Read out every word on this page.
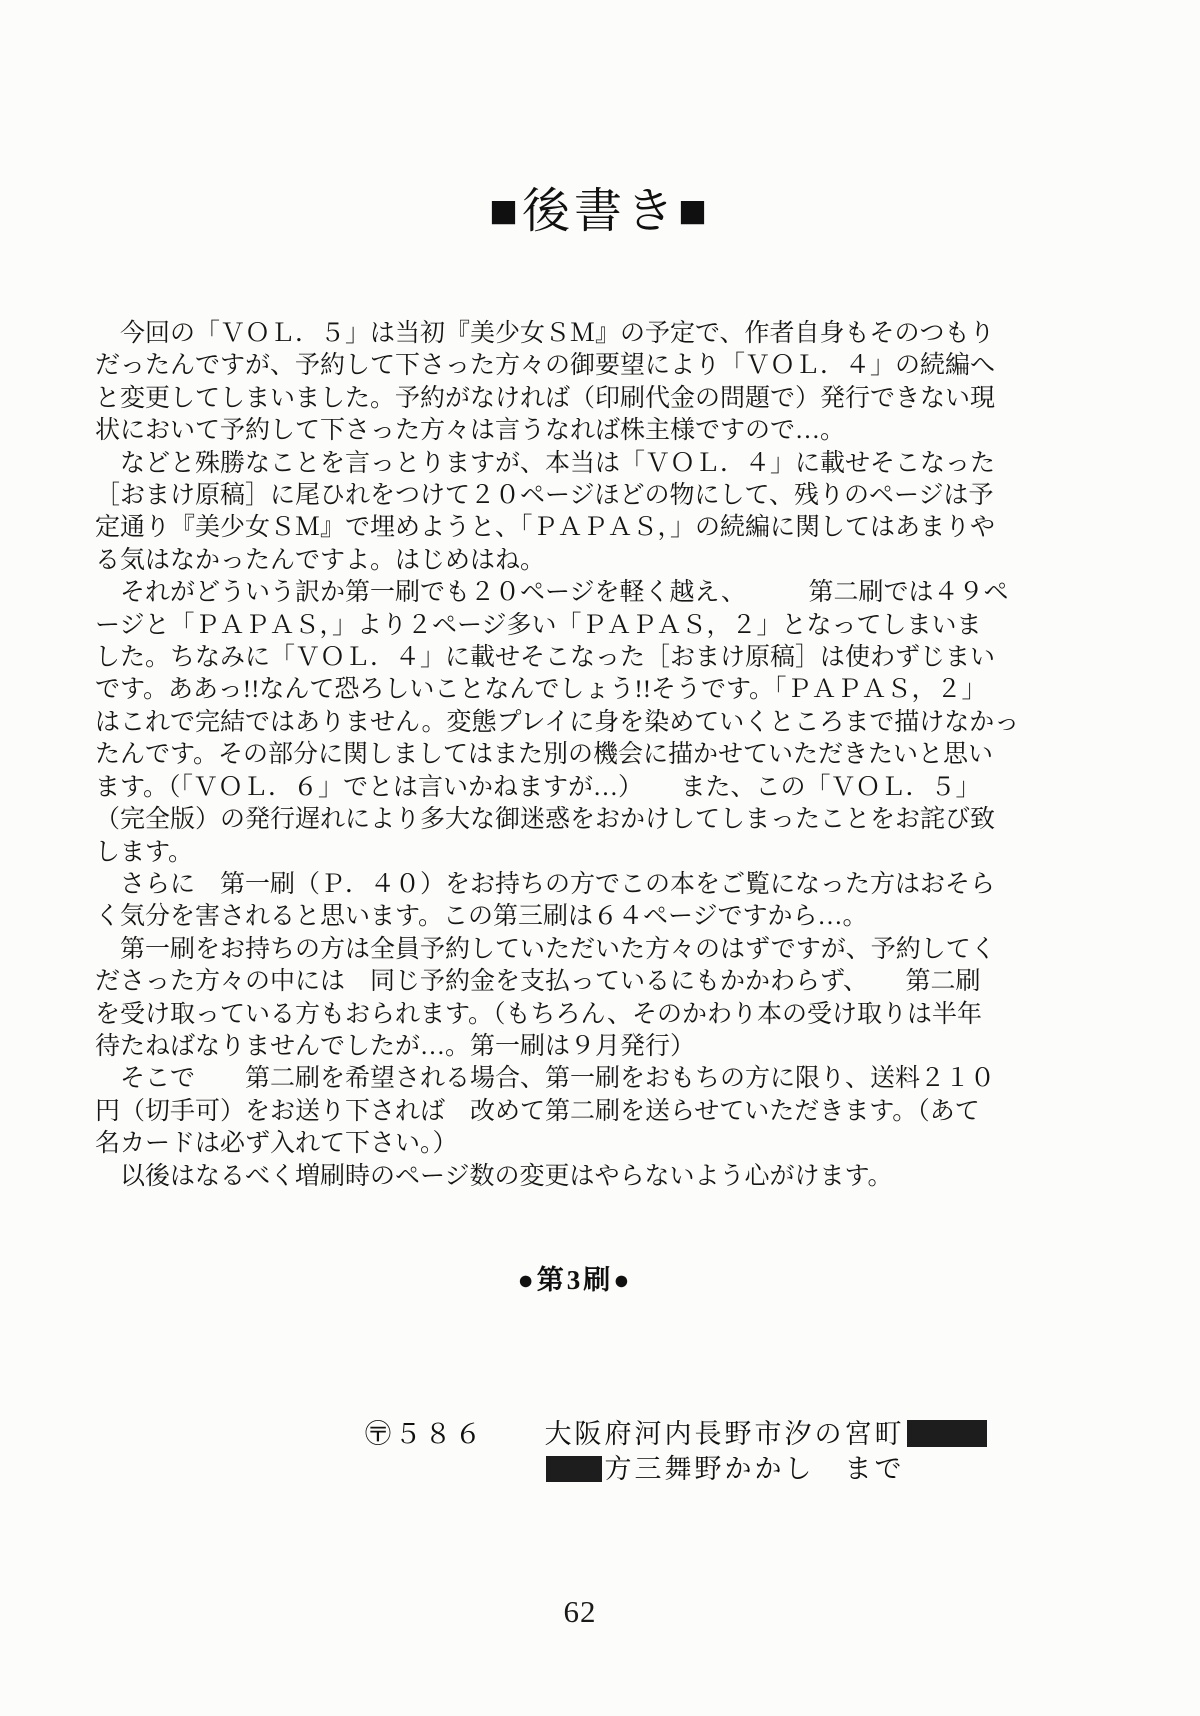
■後書き■
　今回の「ＶＯＬ．５」は当初『美少女ＳＭ』の予定で、作者自身もそのつもり
だったんですが、予約して下さった方々の御要望により「ＶＯＬ．４」の続編へ
と変更してしまいました。予約がなければ（印刷代金の問題で）発行できない現
状において予約して下さった方々は言うなれば株主様ですので…。
　などと殊勝なことを言っとりますが、本当は「ＶＯＬ．４」に載せそこなった
［おまけ原稿］に尾ひれをつけて２０ページほどの物にして、残りのページは予
定通り『美少女ＳＭ』で埋めようと、「ＰＡＰＡＳ，」の続編に関してはあまりや
る気はなかったんですよ。はじめはね。
　それがどういう訳か第一刷でも２０ページを軽く越え、　　　第二刷では４９ペ
ージと「ＰＡＰＡＳ，」より２ページ多い「ＰＡＰＡＳ，２」となってしまいま
した。ちなみに「ＶＯＬ．４」に載せそこなった［おまけ原稿］は使わずじまい
です。ああっ!!なんて恐ろしいことなんでしょう!!そうです。「ＰＡＰＡＳ，２」
はこれで完結ではありません。変態プレイに身を染めていくところまで描けなかっ
たんです。その部分に関しましてはまた別の機会に描かせていただきたいと思い
ます。（「ＶＯＬ．６」でとは言いかねますが…）　　また、この「ＶＯＬ．５」
（完全版）の発行遅れにより多大な御迷惑をおかけしてしまったことをお詫び致
します。
　さらに　第一刷（Ｐ．４０）をお持ちの方でこの本をご覧になった方はおそら
く気分を害されると思います。この第三刷は６４ページですから…。
　第一刷をお持ちの方は全員予約していただいた方々のはずですが、予約してく
ださった方々の中には　同じ予約金を支払っているにもかかわらず、　　第二刷
を受け取っている方もおられます。（もちろん、そのかわり本の受け取りは半年
待たねばなりませんでしたが…。第一刷は９月発行）
　そこで　　第二刷を希望される場合、第一刷をおもちの方に限り、送料２１０
円（切手可）をお送り下されば　改めて第二刷を送らせていただきます。（あて
名カードは必ず入れて下さい。）
　以後はなるべく増刷時のページ数の変更はやらないよう心がけます。
●第3刷●

〶５８６　　大阪府河内長野市汐の宮町

方三舞野かかし　まで

62
